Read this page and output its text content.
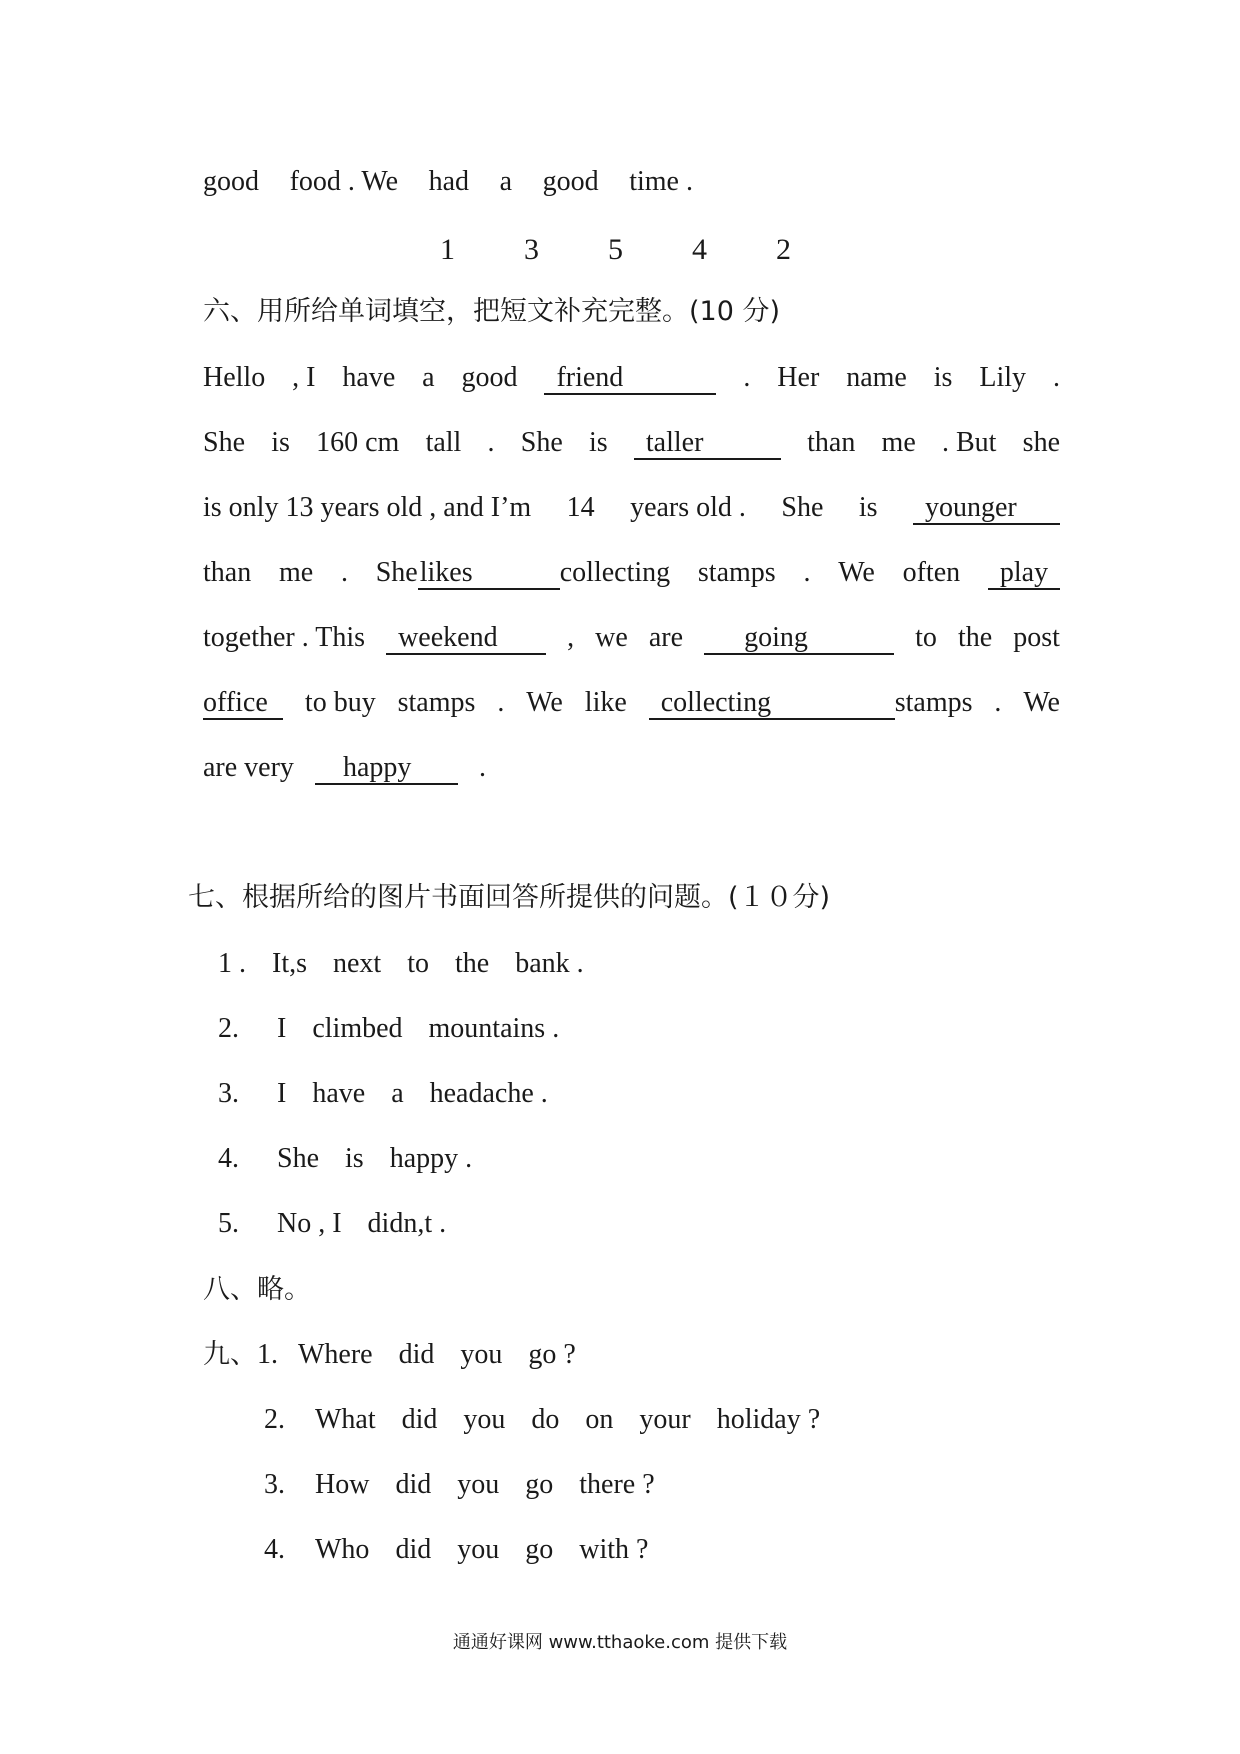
good food . We had a good time .
1 3 5 4 2
六、用所给单词填空，把短文补充完整。(10 分)
Hello , I have a good	friend	. Her name is Lily .
She is 160 cm tall . She is	taller	than me . But she
is only 13 years old , and I’m 14 years old . She is	younger
than me . Shelikes	collecting stamps . We often	play
together . This	weekend	, we are	going	to the post
office	to buy stamps . We like	collecting	stamps . We
are very happy .
七、根据所给的图片书面回答所提供的问题。(１０分)
1 . It,s next to the bank .
2. I climbed mountains .
3. I have a headache .
4. She is happy .
5. No , I didn,t .
八、略。
九、1. Where did you go ?
2. What did you do on your holiday ?
3. How did you go there ?
4. Who did you go with ?
通通好课网 www.tthaoke.com 提供下载
